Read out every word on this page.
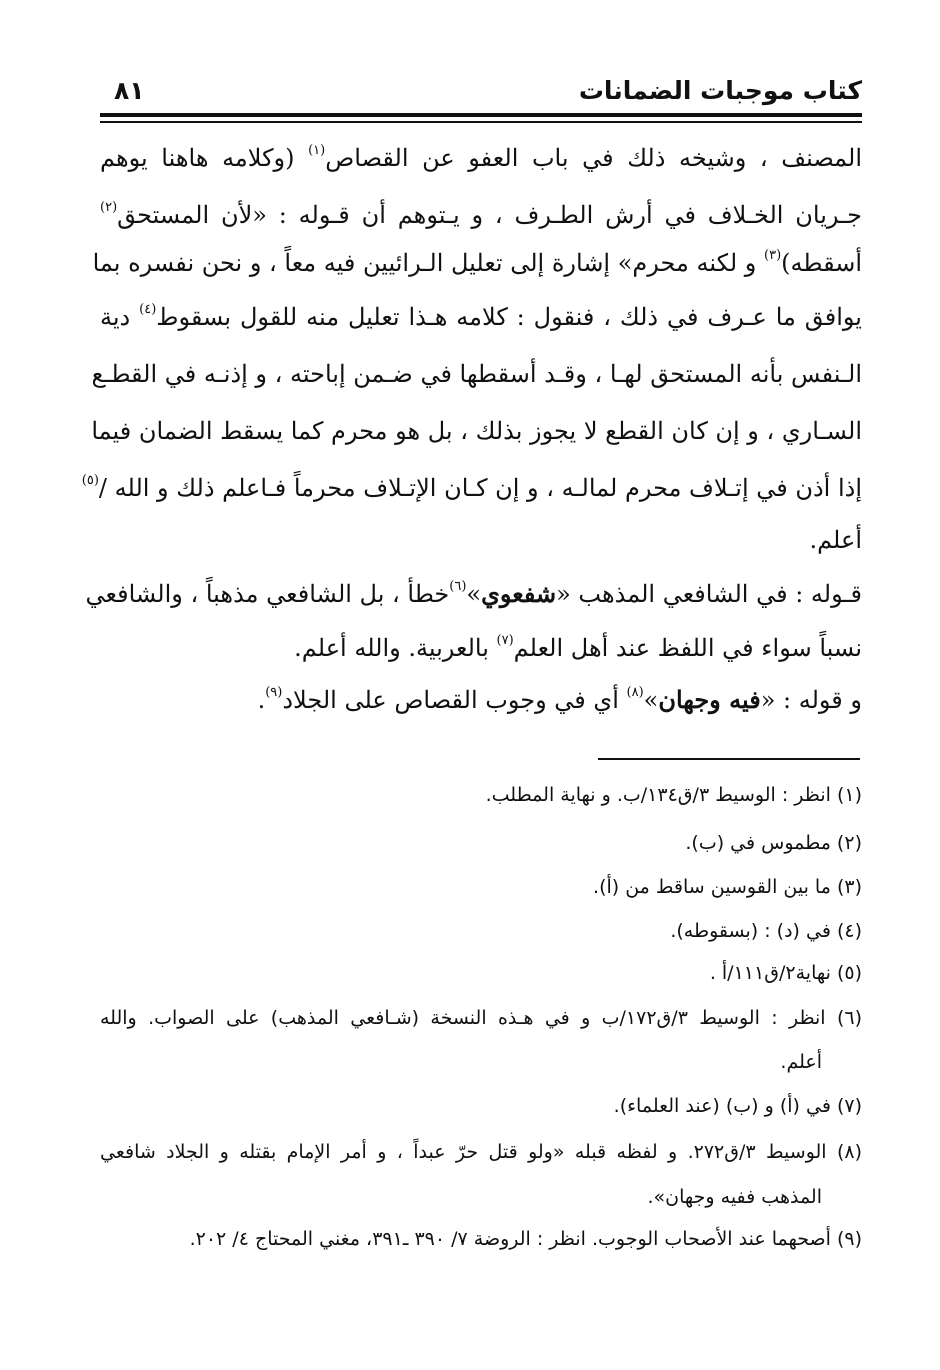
كتاب موجبات الضمانات
٨١
المصنف ، وشيخه ذلك في باب العفو عن القصاص$^{(١)}$ (وكلامه هاهنا يوهم
جـريان الخـلاف في أرش الطـرف ، و يـتوهم أن قـوله : «لأن المستحق$^{(٢)}$
أسقطه)$^{(٣)}$ و لكنه محرم» إشارة إلى تعليل الـرائيين فيه معاً ، و نحن نفسره بما
يوافق ما عـرف في ذلك ، فنقول : كلامه هـذا تعليل منه للقول بسقوط$^{(٤)}$ دية
الـنفس بأنه المستحق لهـا ، وقـد أسقطها في ضـمن إباحته ، و إذنـه في القطـع
السـاري ، و إن كان القطع لا يجوز بذلك ، بل هو محرم كما يسقط الضمان فيما
إذا أذن في إتـلاف محرم لمالـه ، و إن كـان الإتـلاف محرماً فـاعلم ذلك و الله /$^{(٥)}$
أعلم.
قـوله : في الشافعي المذهب «شفعوي»$^{(٦)}$خطأ ، بل الشافعي مذهباً ، والشافعي
نسباً سواء في اللفظ عند أهل العلم$^{(٧)}$ بالعربية. والله أعلم.
و قوله : «فيه وجهان»$^{(٨)}$ أي في وجوب القصاص على الجلاد$^{(٩)}$.
(١) انظر : الوسيط ٣/ق١٣٤/ب. و نهاية المطلب.
(٢) مطموس في (ب).
(٣) ما بين القوسين ساقط من (أ).
(٤) في (د) : (بسقوطه).
(٥) نهاية٢/ق١١١/أ .
(٦) انظر : الوسيط ٣/ق١٧٢/ب و في هـذه النسخة (شـافعي المذهب) على الصواب. والله
أعلم.
(٧) في (أ) و (ب) (عند العلماء).
(٨) الوسيط ٣/ق٢٧٢. و لفظه قبله «ولو قتل حرّ عبداً ، و أمر الإمام بقتله و الجلاد شافعي
المذهب ففيه وجهان».
(٩) أصحهما عند الأصحاب الوجوب. انظر : الروضة ٧/ ٣٩٠ ـ٣٩١، مغني المحتاج ٤/ ٢٠٢.
